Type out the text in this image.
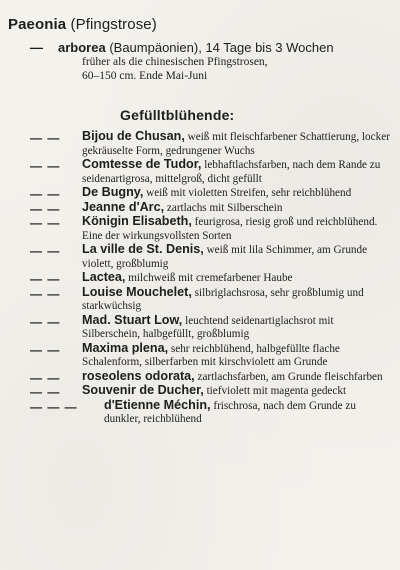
Paeonia (Pfingstrose)
— arborea (Baumpäonien), 14 Tage bis 3 Wochen
früher als die chinesischen Pfingstrosen,
60–150 cm. Ende Mai-Juni
Gefülltblühende:
— — Bijou de Chusan, weiß mit fleischfarbener Schattierung, locker gekräuselte Form, gedrungener Wuchs
— — Comtesse de Tudor, lebhaftlachsfarben, nach dem Rande zu seidenartigrosa, mittelgroß, dicht gefüllt
— — De Bugny, weiß mit violetten Streifen, sehr reichblühend
— — Jeanne d'Arc, zartlachs mit Silberschein
— — Königin Elisabeth, feurigrosa, riesig groß und reichblühend. Eine der wirkungsvollsten Sorten
— — La ville de St. Denis, weiß mit lila Schimmer, am Grunde violett, großblumig
— — Lactea, milchweiß mit cremefarbener Haube
— — Louise Mouchelet, silbriglachsrosa, sehr großblumig und starkwüchsig
— — Mad. Stuart Low, leuchtend seidenartiglachsrot mit Silberschein, halbgefüllt, großblumig
— — Maxima plena, sehr reichblühend, halbgefüllte flache Schalenform, silberfarben mit kirschviolett am Grunde
— — roseolens odorata, zartlachsfarben, am Grunde fleischfarben
— — Souvenir de Ducher, tiefviolett mit magenta gedeckt
— — — d'Etienne Méchin, frischrosa, nach dem Grunde zu dunkler, reichblühend
